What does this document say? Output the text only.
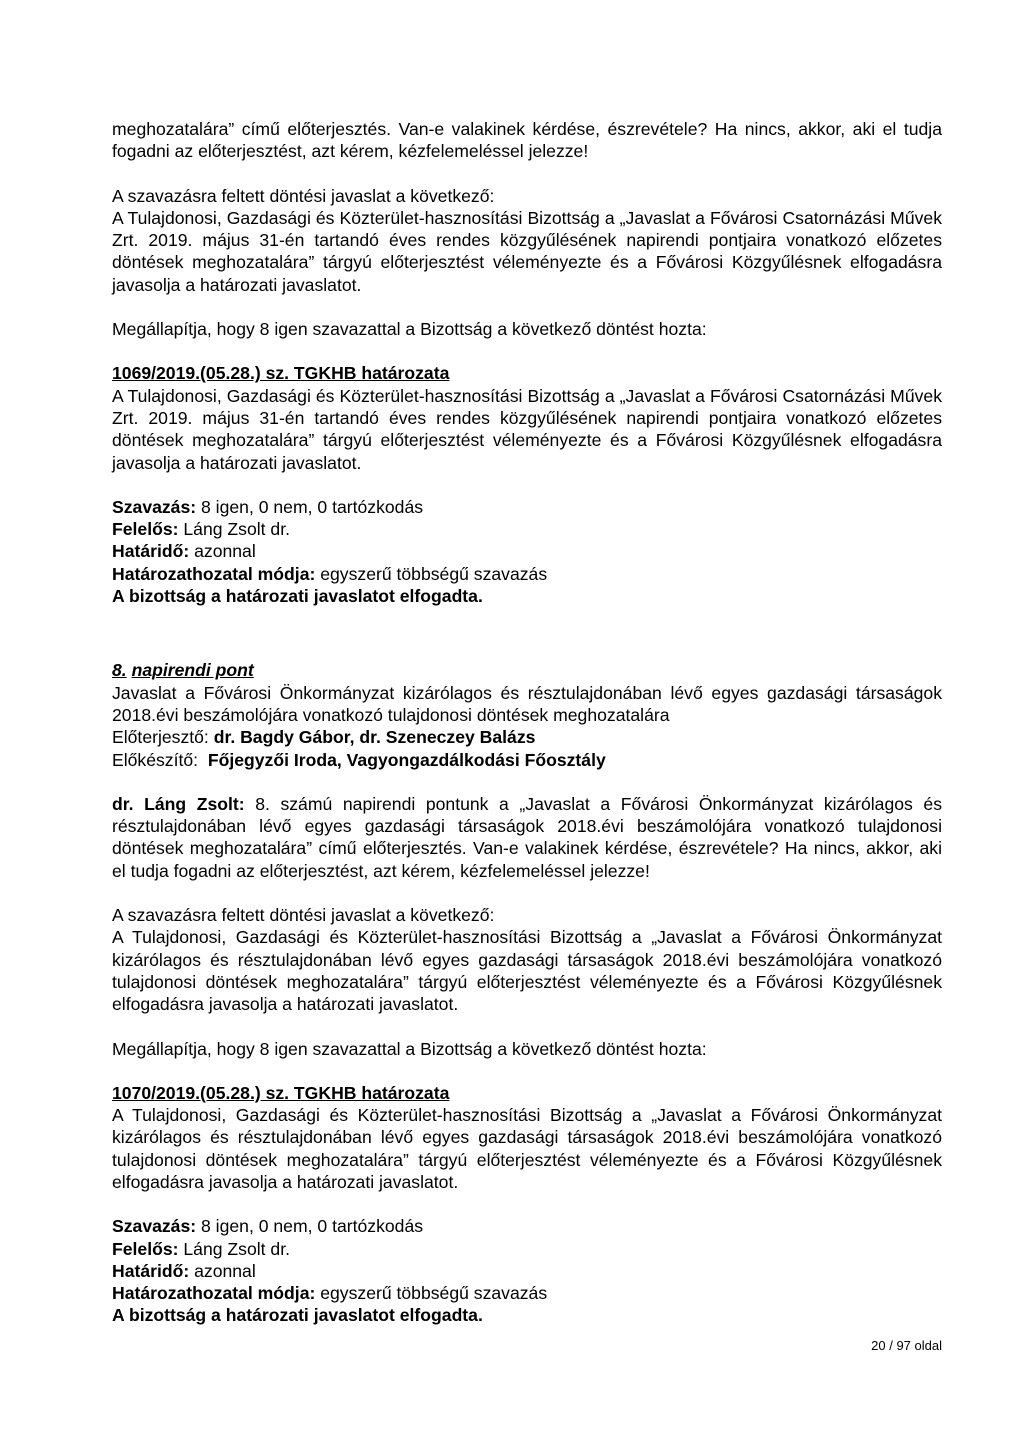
meghozatalára” című előterjesztés. Van-e valakinek kérdése, észrevétele? Ha nincs, akkor, aki el tudja fogadni az előterjesztést, azt kérem, kézfelemeléssel jelezze!

A szavazásra feltett döntési javaslat a következő:

A Tulajdonosi, Gazdasági és Közterület-hasznosítási Bizottság a „Javaslat a Fővárosi Csatornázási Művek Zrt. 2019. május 31-én tartandó éves rendes közgyűlésének napirendi pontjaira vonatkozó előzetes döntések meghozatalára” tárgyú előterjesztést véleményezte és a Fővárosi Közgyűlésnek elfogadásra javasolja a határozati javaslatot.

Megállapítja, hogy 8 igen szavazattal a Bizottság a következő döntést hozta:

1069/2019.(05.28.) sz. TGKHB határozata

A Tulajdonosi, Gazdasági és Közterület-hasznosítási Bizottság a „Javaslat a Fővárosi Csatornázási Művek Zrt. 2019. május 31-én tartandó éves rendes közgyűlésének napirendi pontjaira vonatkozó előzetes döntések meghozatalára” tárgyú előterjesztést véleményezte és a Fővárosi Közgyűlésnek elfogadásra javasolja a határozati javaslatot.

Szavazás: 8 igen, 0 nem, 0 tartózkodás

Felelős: Láng Zsolt dr.

Határidő: azonnal

Határozathozatal módja: egyszerű többségű szavazás

A bizottság a határozati javaslatot elfogadta.

8. napirendi pont

Javaslat a Fővárosi Önkormányzat kizárólagos és résztulajdonában lévő egyes gazdasági társaságok 2018.évi beszámolójára vonatkozó tulajdonosi döntések meghozatalára

Előterjesztő: dr. Bagdy Gábor, dr. Szeneczey Balázs

Előkészítő: Főjegyzői Iroda, Vagyongazdálkodási Főosztály

dr. Láng Zsolt: 8. számú napirendi pontunk a „Javaslat a Fővárosi Önkormányzat kizárólagos és résztulajdonában lévő egyes gazdasági társaságok 2018.évi beszámolójára vonatkozó tulajdonosi döntések meghozatalára” című előterjesztés. Van-e valakinek kérdése, észrevétele? Ha nincs, akkor, aki el tudja fogadni az előterjesztést, azt kérem, kézfelemeléssel jelezze!

A szavazásra feltett döntési javaslat a következő:

A Tulajdonosi, Gazdasági és Közterület-hasznosítási Bizottság a „Javaslat a Fővárosi Önkormányzat kizárólagos és résztulajdonában lévő egyes gazdasági társaságok 2018.évi beszámolójára vonatkozó tulajdonosi döntések meghozatalára” tárgyú előterjesztést véleményezte és a Fővárosi Közgyűlésnek elfogadásra javasolja a határozati javaslatot.

Megállapítja, hogy 8 igen szavazattal a Bizottság a következő döntést hozta:

1070/2019.(05.28.) sz. TGKHB határozata

A Tulajdonosi, Gazdasági és Közterület-hasznosítási Bizottság a „Javaslat a Fővárosi Önkormányzat kizárólagos és résztulajdonában lévő egyes gazdasági társaságok 2018.évi beszámolójára vonatkozó tulajdonosi döntések meghozatalára” tárgyú előterjesztést véleményezte és a Fővárosi Közgyűlésnek elfogadásra javasolja a határozati javaslatot.

Szavazás: 8 igen, 0 nem, 0 tartózkodás

Felelős: Láng Zsolt dr.

Határidő: azonnal

Határozathozatal módja: egyszerű többségű szavazás

A bizottság a határozati javaslatot elfogadta.

20 / 97 oldal
